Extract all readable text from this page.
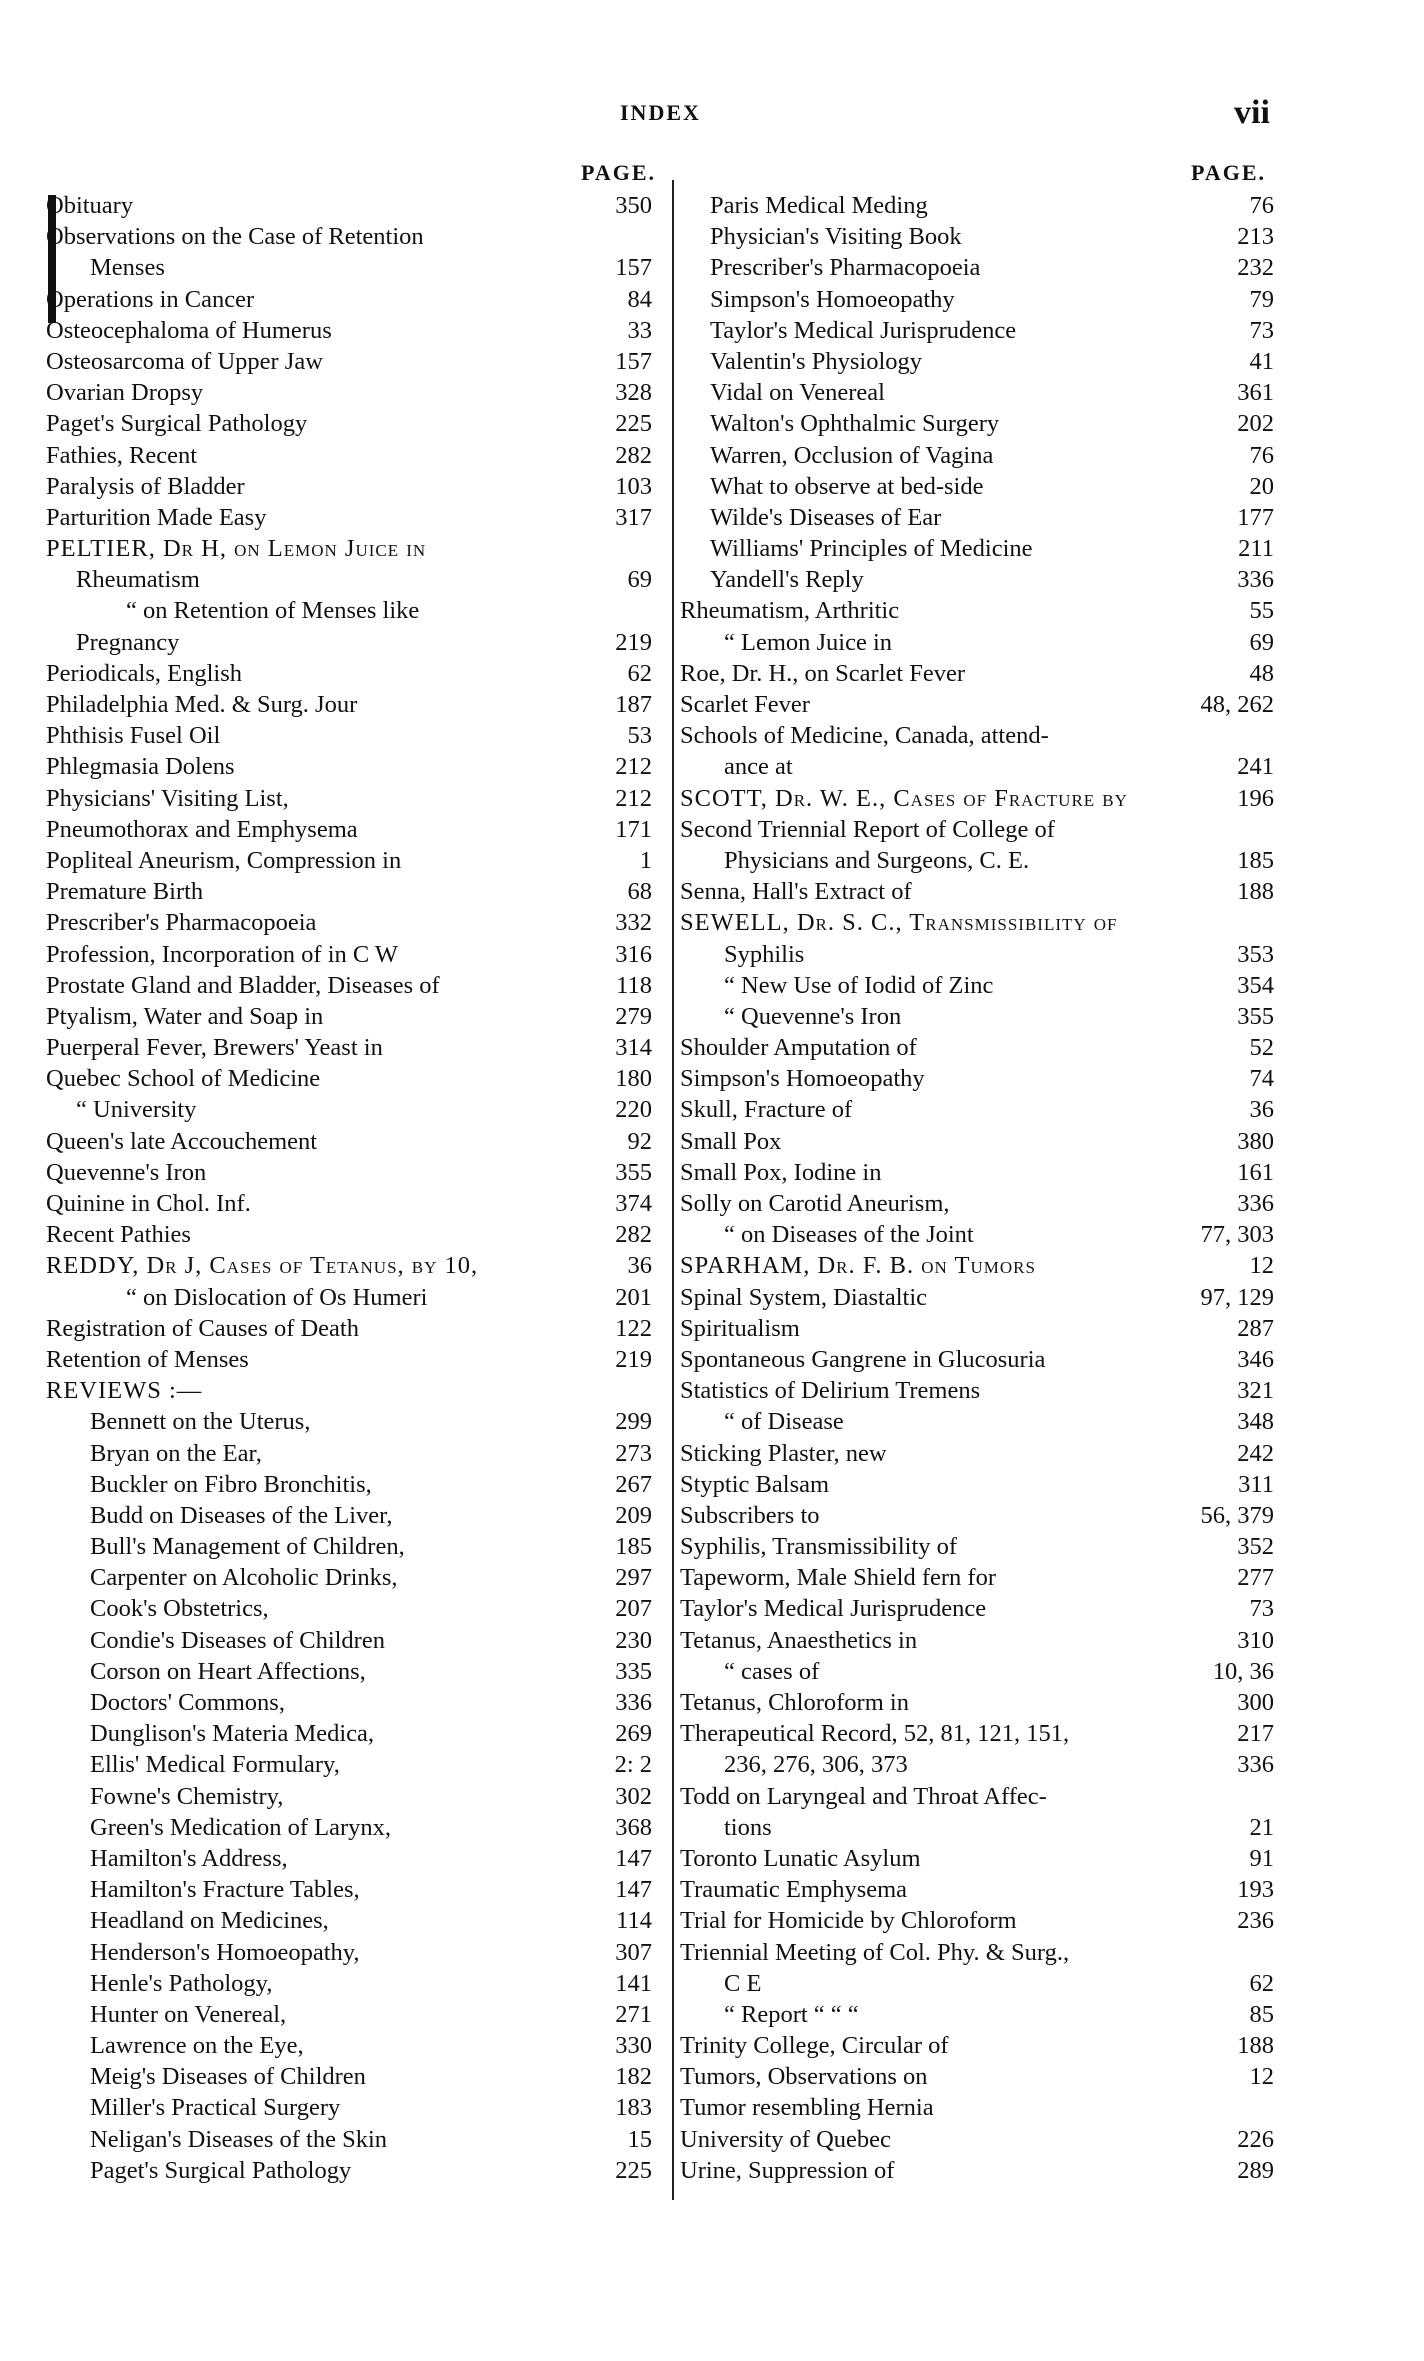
INDEX	vii
PAGE.
Obituary	350
Observations on the Case of Retention
Menses	157
Operations in Cancer	84
Osteocephaloma of Humerus	33
Osteosarcoma of Upper Jaw	157
Ovarian Dropsy	328
Paget's Surgical Pathology	225
Fathies, Recent	282
Paralysis of Bladder	103
Parturition Made Easy	317
PELTIER, Dr H, on Lemon Juice in
Rheumatism	69
“ on Retention of Menses like
Pregnancy	219
Periodicals, English	62
Philadelphia Med. & Surg. Jour	187
Phthisis Fusel Oil	53
Phlegmasia Dolens	212
Physicians' Visiting List,	212
Pneumothorax and Emphysema	171
Popliteal Aneurism, Compression in	1
Premature Birth	68
Prescriber's Pharmacopoeia	332
Profession, Incorporation of in C W	316
Prostate Gland and Bladder, Diseases of	118
Ptyalism, Water and Soap in	279
Puerperal Fever, Brewers' Yeast in	314
Quebec School of Medicine	180
“ University	220
Queen's late Accouchement	92
Quevenne's Iron	355
Quinine in Chol. Inf.	374
Recent Pathies	282
REDDY, Dr J, Cases of Tetanus, by 10,	36
“ on Dislocation of Os Humeri	201
Registration of Causes of Death	122
Retention of Menses	219
REVIEWS :—
Bennett on the Uterus,	299
Bryan on the Ear,	273
Buckler on Fibro Bronchitis,	267
Budd on Diseases of the Liver,	209
Bull's Management of Children,	185
Carpenter on Alcoholic Drinks,	297
Cook's Obstetrics,	207
Condie's Diseases of Children	230
Corson on Heart Affections,	335
Doctors' Commons,	336
Dunglison's Materia Medica,	269
Ellis' Medical Formulary,	2: 2
Fowne's Chemistry,	302
Green's Medication of Larynx,	368
Hamilton's Address,	147
Hamilton's Fracture Tables,	147
Headland on Medicines,	114
Henderson's Homoeopathy,	307
Henle's Pathology,	141
Hunter on Venereal,	271
Lawrence on the Eye,	330
Meig's Diseases of Children	182
Miller's Practical Surgery	183
Neligan's Diseases of the Skin	15
Paget's Surgical Pathology	225
PAGE.
Paris Medical Meding	76
Physician's Visiting Book	213
Prescriber's Pharmacopoeia	232
Simpson's Homoeopathy	79
Taylor's Medical Jurisprudence	73
Valentin's Physiology	41
Vidal on Venereal	361
Walton's Ophthalmic Surgery	202
Warren, Occlusion of Vagina	76
What to observe at bed-side	20
Wilde's Diseases of Ear	177
Williams' Principles of Medicine	211
Yandell's Reply	336
Rheumatism, Arthritic	55
“ Lemon Juice in	69
Roe, Dr. H., on Scarlet Fever	48
Scarlet Fever	48, 262
Schools of Medicine, Canada, attend-
ance at	241
SCOTT, Dr. W. E., Cases of Fracture by	196
Second Triennial Report of College of
Physicians and Surgeons, C. E.	185
Senna, Hall's Extract of	188
SEWELL, Dr. S. C., Transmissibility of
Syphilis	353
“ New Use of Iodid of Zinc	354
“ Quevenne's Iron	355
Shoulder Amputation of	52
Simpson's Homoeopathy	74
Skull, Fracture of	36
Small Pox	380
Small Pox, Iodine in	161
Solly on Carotid Aneurism,	336
“ on Diseases of the Joint	77, 303
SPARHAM, Dr. F. B. on Tumors	12
Spinal System, Diastaltic	97, 129
Spiritualism	287
Spontaneous Gangrene in Glucosuria	346
Statistics of Delirium Tremens	321
“ of Disease	348
Sticking Plaster, new	242
Styptic Balsam	311
Subscribers to	56, 379
Syphilis, Transmissibility of	352
Tapeworm, Male Shield fern for	277
Taylor's Medical Jurisprudence	73
Tetanus, Anaesthetics in	310
“ cases of	10, 36
Tetanus, Chloroform in	300
Therapeutical Record, 52, 81, 121, 151,	217
236, 276, 306, 373	336
Todd on Laryngeal and Throat Affec-
tions	21
Toronto Lunatic Asylum	91
Traumatic Emphysema	193
Trial for Homicide by Chloroform	236
Triennial Meeting of Col. Phy. & Surg.,
C E	62
“ Report “ “ “	85
Trinity College, Circular of	188
Tumors, Observations on	12
Tumor resembling Hernia
University of Quebec	226
Urine, Suppression of	289
